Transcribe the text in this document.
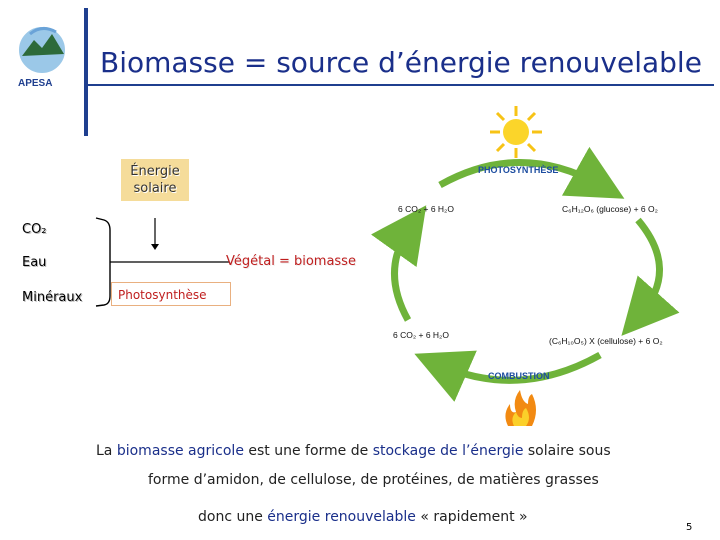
APESA
Biomasse = source d’énergie renouvelable
Énergie solaire
CO₂
Eau
Minéraux
Végétal = biomasse
Photosynthèse
PHOTOSYNTHÈSE
COMBUSTION
6 CO₂ + 6 H₂O	C₆H₁₂O₆ (glucose) + 6 O₂
6 CO₂ + 6 H₂O
(C₆H₁₀O₅) X (cellulose) + 6 O₂
La biomasse agricole est une forme de stockage de l’énergie solaire sous
forme d’amidon, de cellulose, de protéines, de matières grasses
donc une énergie renouvelable « rapidement »
5
